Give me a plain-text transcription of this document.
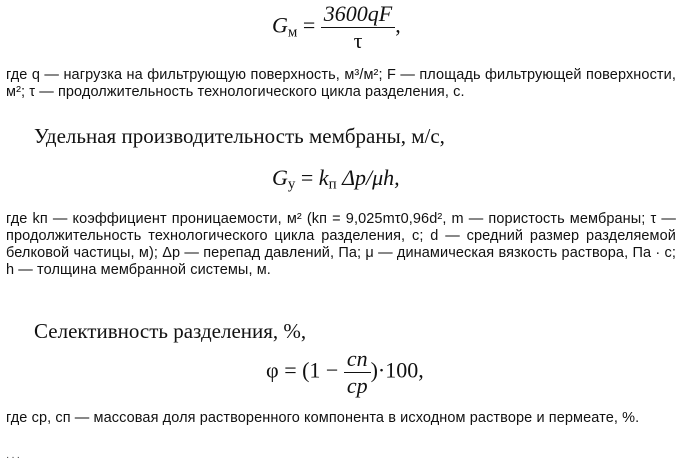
$G_м = \frac{3600qF}{\tau}$ ,
где q — нагрузка на фильтрующую поверхность, м³/м²; F — площадь фильтрующей поверхности, м²; τ — продолжительность технологического цикла разделения, с.
Удельная производительность мембраны, м/с,
$G_у = k_п$ Δp/μh,
где kп — коэффициент проницаемости, м² (kп = 9,025mτ0,96d², m — пористость мембраны; τ — продолжительность технологического цикла разделения, с; d — средний размер разделяемой белковой частицы, м); Δp — перепад давлений, Па; μ — динамическая вязкость раствора, Па · с; h — толщина мембранной системы, м.
Селективность разделения, %,
$\varphi = (1 - \frac{cп}{cр} )\cdot 100$,
где cр, cп — массовая доля растворенного компонента в исходном растворе и пермеате, %.
···
